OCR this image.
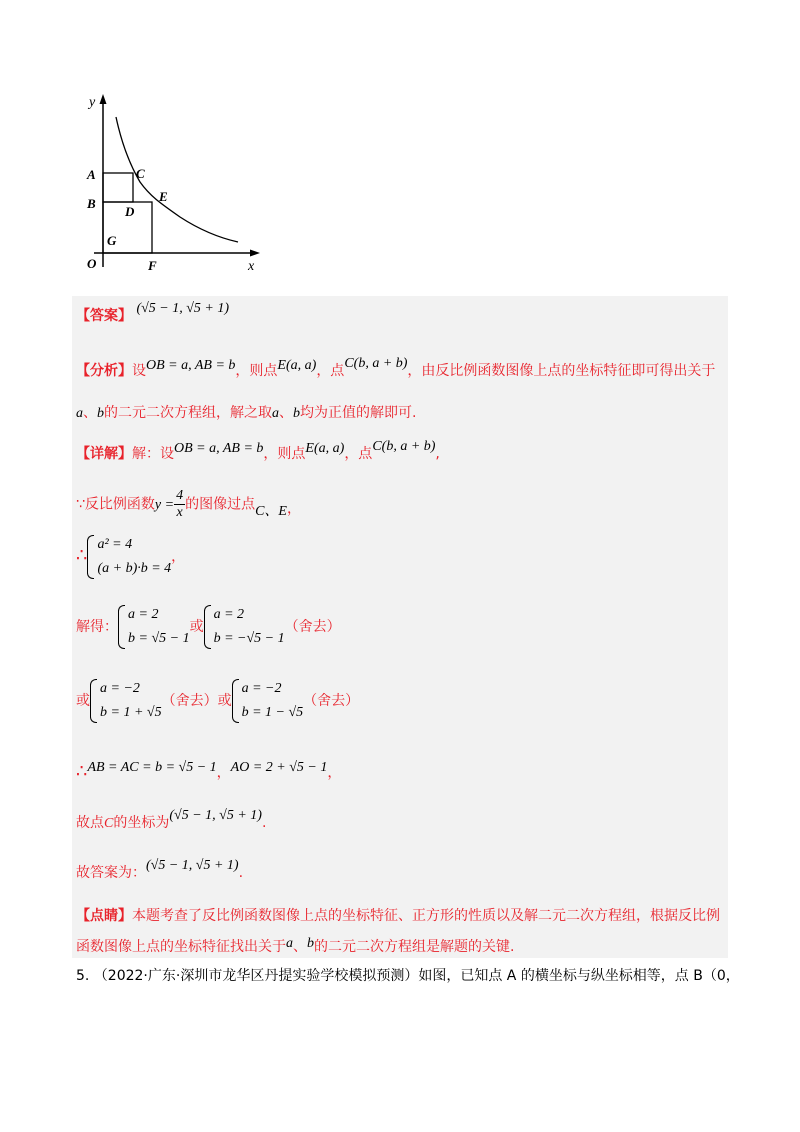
y
x
O
A
B
C
D
E
F
G
【答案】 (√5 − 1, √5 + 1)
【分析】设OB = a, AB = b，则点E(a, a)，点C(b, a + b)，由反比例函数图像上点的坐标特征即可得出关于
a、b的二元二次方程组，解之取a、b均为正值的解即可.
【详解】解：设OB = a, AB = b，则点E(a, a)，点C(b, a + b),
∵反比例函数$y = \frac{4}{x}$ 的图像过点C、E，
∴
a² = 4
(a + b)·b = 4
，
解得：
a = 2
b = √5 − 1
或
a = 2
b = −√5 − 1
（舍去）
或
a = −2
b = 1 + √5
（舍去）或
a = −2
b = 1 − √5
（舍去）
∴AB = AC = b = √5 − 1，AO = 2 + √5 − 1，
故点C的坐标为(√5 − 1, √5 + 1).
故答案为：(√5 − 1, √5 + 1).
【点睛】本题考查了反比例函数图像上点的坐标特征、正方形的性质以及解二元二次方程组，根据反比例
函数图像上点的坐标特征找出关于a、b的二元二次方程组是解题的关键.
5. （2022·广东·深圳市龙华区丹提实验学校模拟预测）如图，已知点 A 的横坐标与纵坐标相等，点 B（0，
